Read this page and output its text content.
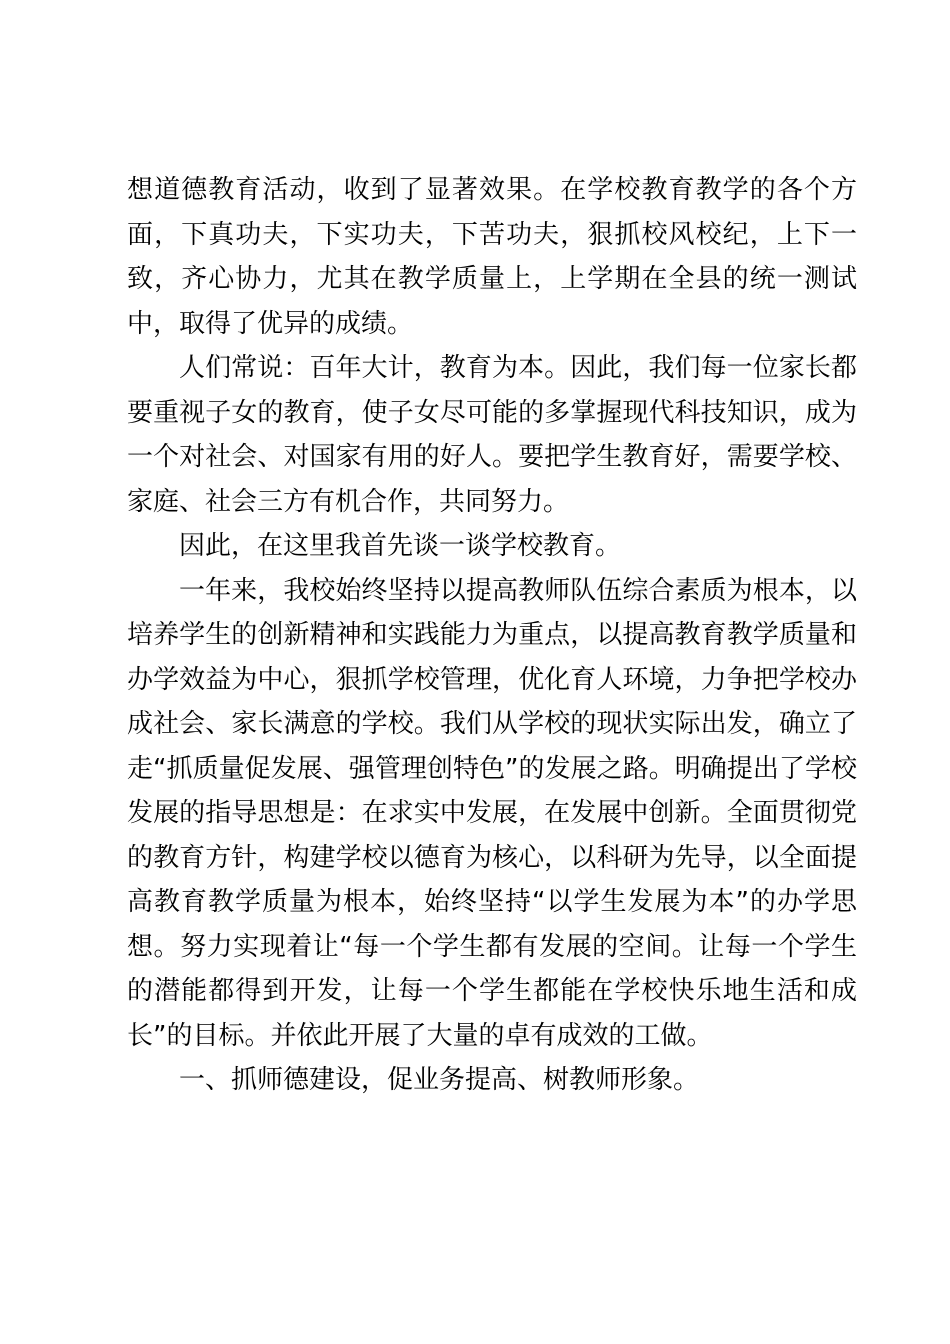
想道德教育活动，收到了显著效果。在学校教育教学的各个方面，下真功夫，下实功夫，下苦功夫，狠抓校风校纪，上下一致，齐心协力，尤其在教学质量上，上学期在全县的统一测试中，取得了优异的成绩。

人们常说：百年大计，教育为本。因此，我们每一位家长都要重视子女的教育，使子女尽可能的多掌握现代科技知识，成为一个对社会、对国家有用的好人。要把学生教育好，需要学校、家庭、社会三方有机合作，共同努力。

因此，在这里我首先谈一谈学校教育。

一年来，我校始终坚持以提高教师队伍综合素质为根本，以培养学生的创新精神和实践能力为重点，以提高教育教学质量和办学效益为中心，狠抓学校管理，优化育人环境，力争把学校办成社会、家长满意的学校。我们从学校的现状实际出发，确立了走“抓质量促发展、强管理创特色”的发展之路。明确提出了学校发展的指导思想是：在求实中发展，在发展中创新。全面贯彻党的教育方针，构建学校以德育为核心，以科研为先导，以全面提高教育教学质量为根本，始终坚持“以学生发展为本”的办学思想。努力实现着让“每一个学生都有发展的空间。让每一个学生的潜能都得到开发，让每一个学生都能在学校快乐地生活和成长”的目标。并依此开展了大量的卓有成效的工做。

一、抓师德建设，促业务提高、树教师形象。
